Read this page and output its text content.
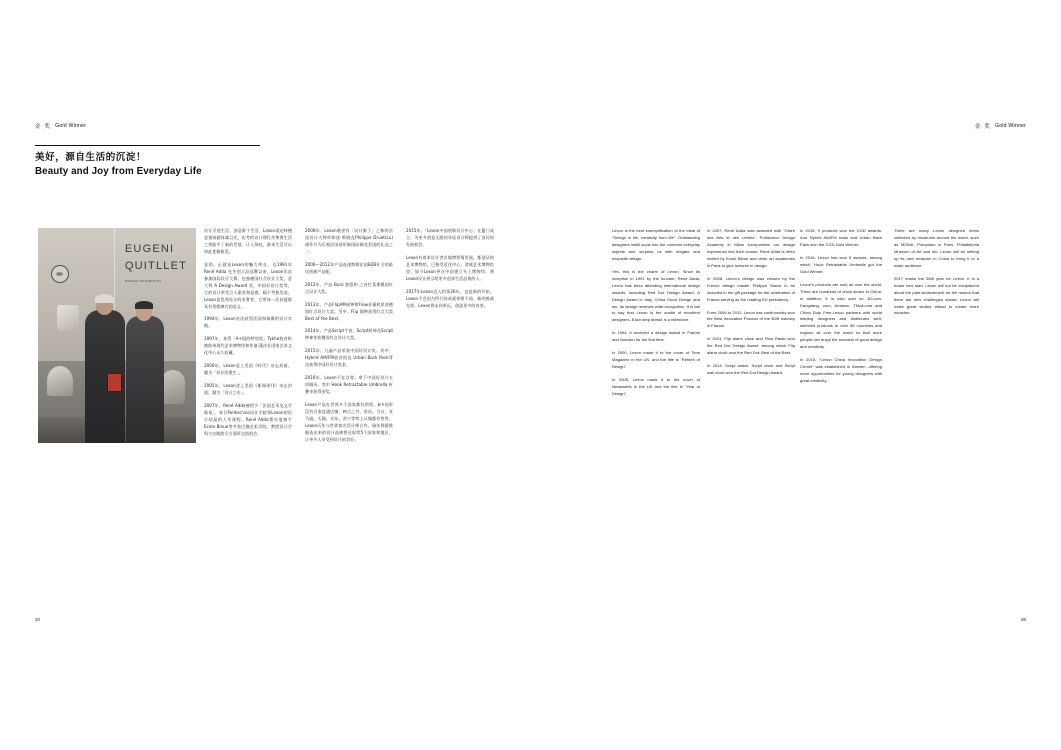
金 奖 Gold Winner	金 奖 Gold Winner
美好，源自生活的沉淀！
Beauty and Joy from Everyday Life
EUGENI
QUITLLET
DESIGN EXHIBITION

设计点进生活，创意源于生活，Lexon诺达林德意建筑精体属目光，化考的设计理灯作尊奢生活之智能平了新的发情，让人惊叹，源来生活可以如此优雅新美。

意的，正就是Lexon的魅力所在。自1991年 René Adda 先生创立品品牌以来，Lexon年次参加国际设计大赛，包独德国红点设计大奖、意大利 A Design Award 奖、中国好设计奖等，它的设计荣受点人重奖和意感，隔不考独发说，Lexon是优秀设计的非奢者，它所每一次获逐都具有里程碑式的意义。

1994年，Lexon首次获得法国和瑞典的设计实践。

1997年，获得「A+组的特别奖」Tykho收音机被欧州现代艺术博物馆和作迪·蓬皮社国家艺术文化中心永久收藏。

2000年，Lexon是上美国《时代》杂志封面，题为「设计的重生」。

2005年，Lexon登上美国《新闻周刊》杂志封面，题为「设计之年」。

2007年，René Adda被授予「法国艺术及文学勋章」，来日Politecnico设计学院和Lexon的设计结晶的入军课程。René Adda策年度接手Ecole Bleue等多家巴黎艺术学院。教授设计学科与实践给合方面所交流机会。

2008年、Lexon被誉有「设计集子」之称的法国设计大师草和迷·斯晓克Philippe Druet(Lu)遴作月为乐观法国创形新国际铜龙美国的礼品之一。

2006—2012年产品连递察厥法国B2B什合的最佳创新产品配。

2012年、产品 Buro 套组和 之台打菜那德国红点设计大奖。

2013年、产品FlipAM闹钟和Flow音量机荣获德国红点设计大奖。另中、Flip 阁钟获得红点大奖Best of the Best。

2014年、产品Script手表、Script时神及Script钟神荣获德国红点设计大奖。

2015年、九遍产品荣获中国好设计奖。其中、Hybrid AM/FM收音机及 Urban Back Pack背包获得中国好设计奖金。

2016年、Lexon不在众誉、拿下中国好设计五项城历、其中 Hook Retractable Umbrella 折叠伞获得金奖。

Lexon产品在世界多个国家都有销售，в中国更没有百家直遒店铺，映点之外，贵东、当台、亚马逊、天猫、京东、苏宁等特上认城都有售售。Lexon历年与世界知名设计师合作，瑞年将精挑细选出来的设计品锦售这彰给5个国家和地区，让更多人享受到设计的美好。

2015年，「Lexon中国创新设计中心」在厦门成立，为更多创意无限的年轻设计师提供了良好的发展机会。

Lexon有着本设计者名地博智情发展，都创从的艺术博物馆，已接受近化中心、贺威艺术博物馆里、如今Lexon更在中国建立头上博物馆，将Lexon设计展示给更多追求生活品质的人。

2017年Lexon迈入约第26年，也是新的开始。Lexon不会因为所行的成就停滞不前，新的挑战在即。Lexon将走向更远，创造更多的奇迹。

Lexon is the best exemplification of the ideal of "Design in life, creativity from life". Outstanding designers instill souls into the common everyday objects and surprise us with elegant and exquisite design.

Yes, this is the charm of Lexon. Since its inception in 1991 by the founder, René Adda, Lexon has been attending international design awards, including Red Dot Design Award, A Design Award in Italy, China Good Design and etc. Its design receives wide recognition. It is fair to say that Lexon is the cradle of excellent designers. Each step ahead is a milestone.

In 1994, it received a design award in France and Sweden for the first time.

In 2000, Lexon made it to the cover of Time Magazine in the US, and the title is "Rebirth of Design".

In 2005, Lexon made it to the cover of Newsweek in the US and the title is "Year of Design".

In 2007, René Adda was awarded with "Ordre des Arts et des Lettres". Politecnico Design Academy in Milan incorporates our design experience into their course. René Adda is often invited by Ecole Bleue and other art academies in Paris to give lectures in design.

In 2008, Lexon's design was chosen by the French design master Philippe Starck to be included in the gift package for the celebration of France serving as the rotating EU presidency.

From 2006 to 2012, Lexon has continuously won the Best Innovative Product of the B2B industry in France.

In 2013, Flip alarm clock and Flow Radio won the Red Dot Design Award, among which Flip alarm clock won the Red Dot: Best of the Best.

In 2014, Script watch, Script clock and Script wall clock won the Red Dot Design Award.

In 2015, 9 products won the CGD awards. And Hybrid AM/FM radio and Urban Back Pack won the CGD Gold Winner.

In 2016, Lexon has won 5 awards, among which, Hook Retractable Umbrella got the Gold Winner.

Lexon's products are sold all over the world. There are hundreds of chain stores in China, in addition, it is also sold on JD.com, Dangdang. com, Amazon, TMall.com and China Duty Free.Lexon partners with world leading designers and distributes well-selected products to over 85 countries and regions all over the world so that more people can enjoy the wonders of good design and creativity.

In 2015, "Lexon China Innovation Design Center" was established in Xiamen, offering more opportunities for young designers with great creativity.

There are many Lexon designed items collected by museums around the world, such as MOMA, Pompidou in Paris, Philadelphia Museum of Art and etc. Lexon will be setting up its own museum in China to bring it to a wider audience.

2017 marks the 26th year for Lexon. It is a brand new start. Lexon will not be complacent about the past achievement for the reason that there are new challenges ahead. Lexon will make great strides ahead to create more miracles.

30	88
